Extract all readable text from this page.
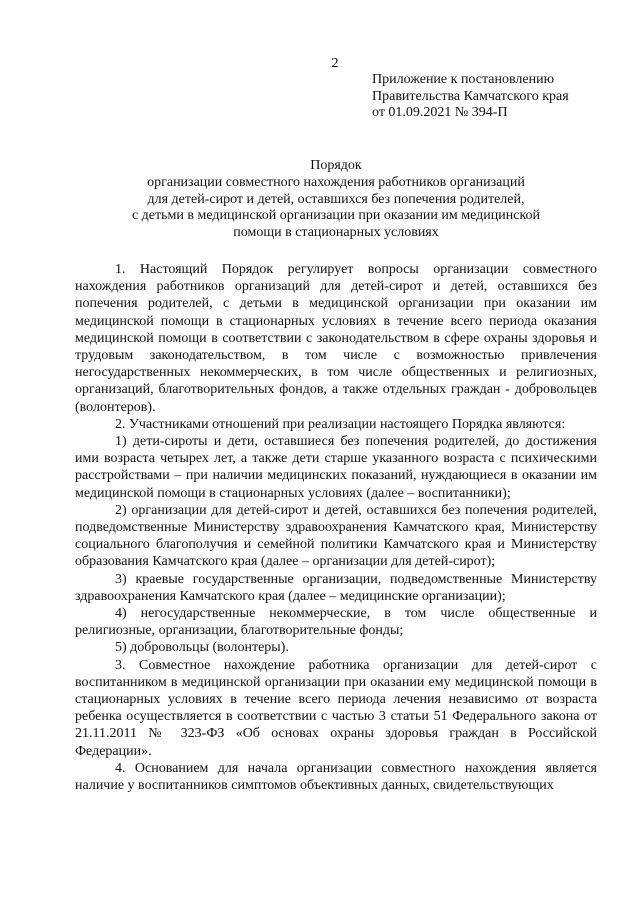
2
Приложение к постановлению
Правительства Камчатского края
от 01.09.2021 № 394-П
Порядок
организации совместного нахождения работников организаций
для детей-сирот и детей, оставшихся без попечения родителей,
с детьми в медицинской организации при оказании им медицинской
помощи в стационарных условиях

1. Настоящий Порядок регулирует вопросы организации совместного нахождения работников организаций для детей-сирот и детей, оставшихся без попечения родителей, с детьми в медицинской организации при оказании им медицинской помощи в стационарных условиях в течение всего периода оказания медицинской помощи в соответствии с законодательством в сфере охраны здоровья и трудовым законодательством, в том числе с возможностью привлечения негосударственных некоммерческих, в том числе общественных и религиозных, организаций, благотворительных фондов, а также отдельных граждан - добровольцев (волонтеров).

2. Участниками отношений при реализации настоящего Порядка являются:

1) дети-сироты и дети, оставшиеся без попечения родителей, до достижения ими возраста четырех лет, а также дети старше указанного возраста с психическими расстройствами – при наличии медицинских показаний, нуждающиеся в оказании им медицинской помощи в стационарных условиях (далее – воспитанники);

2) организации для детей-сирот и детей, оставшихся без попечения родителей, подведомственные Министерству здравоохранения Камчатского края, Министерству социального благополучия и семейной политики Камчатского края и Министерству образования Камчатского края (далее – организации для детей-сирот);

3) краевые государственные организации, подведомственные Министерству здравоохранения Камчатского края (далее – медицинские организации);

4) негосударственные некоммерческие, в том числе общественные и религиозные, организации, благотворительные фонды;

5) добровольцы (волонтеры).

3. Совместное нахождение работника организации для детей-сирот с воспитанником в медицинской организации при оказании ему медицинской помощи в стационарных условиях в течение всего периода лечения независимо от возраста ребенка осуществляется в соответствии с частью 3 статьи 51 Федерального закона от 21.11.2011 № 323-ФЗ «Об основах охраны здоровья граждан в Российской Федерации».

4. Основанием для начала организации совместного нахождения является наличие у воспитанников симптомов объективных данных, свидетельствующих
